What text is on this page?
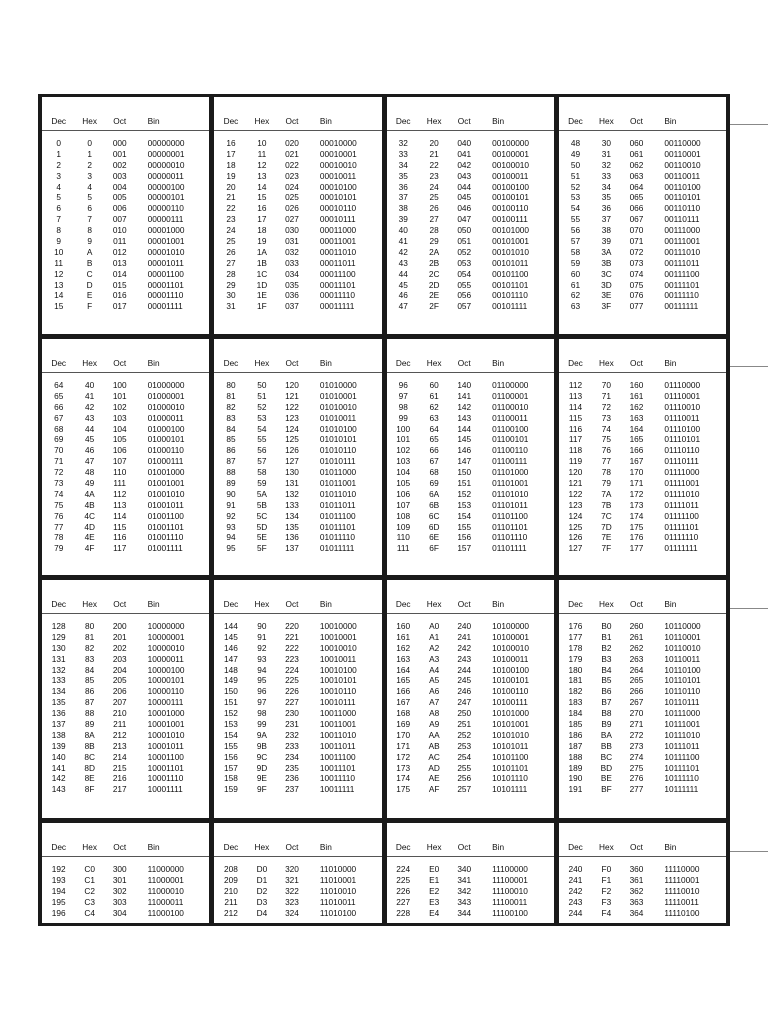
Dec	Hex	Oct	Bin
0	0	000	00000000
1	1	001	00000001
2	2	002	00000010
3	3	003	00000011
4	4	004	00000100
5	5	005	00000101
6	6	006	00000110
7	7	007	00000111
8	8	010	00001000
9	9	011	00001001
10	A	012	00001010
11	B	013	00001011
12	C	014	00001100
13	D	015	00001101
14	E	016	00001110
15	F	017	00001111
Dec	Hex	Oct	Bin
16	10	020	00010000
17	11	021	00010001
18	12	022	00010010
19	13	023	00010011
20	14	024	00010100
21	15	025	00010101
22	16	026	00010110
23	17	027	00010111
24	18	030	00011000
25	19	031	00011001
26	1A	032	00011010
27	1B	033	00011011
28	1C	034	00011100
29	1D	035	00011101
30	1E	036	00011110
31	1F	037	00011111
Dec	Hex	Oct	Bin
32	20	040	00100000
33	21	041	00100001
34	22	042	00100010
35	23	043	00100011
36	24	044	00100100
37	25	045	00100101
38	26	046	00100110
39	27	047	00100111
40	28	050	00101000
41	29	051	00101001
42	2A	052	00101010
43	2B	053	00101011
44	2C	054	00101100
45	2D	055	00101101
46	2E	056	00101110
47	2F	057	00101111
Dec	Hex	Oct	Bin
48	30	060	00110000
49	31	061	00110001
50	32	062	00110010
51	33	063	00110011
52	34	064	00110100
53	35	065	00110101
54	36	066	00110110
55	37	067	00110111
56	38	070	00111000
57	39	071	00111001
58	3A	072	00111010
59	3B	073	00111011
60	3C	074	00111100
61	3D	075	00111101
62	3E	076	00111110
63	3F	077	00111111
Dec	Hex	Oct	Bin
64	40	100	01000000
65	41	101	01000001
66	42	102	01000010
67	43	103	01000011
68	44	104	01000100
69	45	105	01000101
70	46	106	01000110
71	47	107	01000111
72	48	110	01001000
73	49	111	01001001
74	4A	112	01001010
75	4B	113	01001011
76	4C	114	01001100
77	4D	115	01001101
78	4E	116	01001110
79	4F	117	01001111
Dec	Hex	Oct	Bin
80	50	120	01010000
81	51	121	01010001
82	52	122	01010010
83	53	123	01010011
84	54	124	01010100
85	55	125	01010101
86	56	126	01010110
87	57	127	01010111
88	58	130	01011000
89	59	131	01011001
90	5A	132	01011010
91	5B	133	01011011
92	5C	134	01011100
93	5D	135	01011101
94	5E	136	01011110
95	5F	137	01011111
Dec	Hex	Oct	Bin
96	60	140	01100000
97	61	141	01100001
98	62	142	01100010
99	63	143	01100011
100	64	144	01100100
101	65	145	01100101
102	66	146	01100110
103	67	147	01100111
104	68	150	01101000
105	69	151	01101001
106	6A	152	01101010
107	6B	153	01101011
108	6C	154	01101100
109	6D	155	01101101
110	6E	156	01101110
111	6F	157	01101111
Dec	Hex	Oct	Bin
112	70	160	01110000
113	71	161	01110001
114	72	162	01110010
115	73	163	01110011
116	74	164	01110100
117	75	165	01110101
118	76	166	01110110
119	77	167	01110111
120	78	170	01111000
121	79	171	01111001
122	7A	172	01111010
123	7B	173	01111011
124	7C	174	01111100
125	7D	175	01111101
126	7E	176	01111110
127	7F	177	01111111
Dec	Hex	Oct	Bin
128	80	200	10000000
129	81	201	10000001
130	82	202	10000010
131	83	203	10000011
132	84	204	10000100
133	85	205	10000101
134	86	206	10000110
135	87	207	10000111
136	88	210	10001000
137	89	211	10001001
138	8A	212	10001010
139	8B	213	10001011
140	8C	214	10001100
141	8D	215	10001101
142	8E	216	10001110
143	8F	217	10001111
Dec	Hex	Oct	Bin
144	90	220	10010000
145	91	221	10010001
146	92	222	10010010
147	93	223	10010011
148	94	224	10010100
149	95	225	10010101
150	96	226	10010110
151	97	227	10010111
152	98	230	10011000
153	99	231	10011001
154	9A	232	10011010
155	9B	233	10011011
156	9C	234	10011100
157	9D	235	10011101
158	9E	236	10011110
159	9F	237	10011111
Dec	Hex	Oct	Bin
160	A0	240	10100000
161	A1	241	10100001
162	A2	242	10100010
163	A3	243	10100011
164	A4	244	10100100
165	A5	245	10100101
166	A6	246	10100110
167	A7	247	10100111
168	A8	250	10101000
169	A9	251	10101001
170	AA	252	10101010
171	AB	253	10101011
172	AC	254	10101100
173	AD	255	10101101
174	AE	256	10101110
175	AF	257	10101111
Dec	Hex	Oct	Bin
176	B0	260	10110000
177	B1	261	10110001
178	B2	262	10110010
179	B3	263	10110011
180	B4	264	10110100
181	B5	265	10110101
182	B6	266	10110110
183	B7	267	10110111
184	B8	270	10111000
185	B9	271	10111001
186	BA	272	10111010
187	BB	273	10111011
188	BC	274	10111100
189	BD	275	10111101
190	BE	276	10111110
191	BF	277	10111111
Dec	Hex	Oct	Bin
192	C0	300	11000000
193	C1	301	11000001
194	C2	302	11000010
195	C3	303	11000011
196	C4	304	11000100
Dec	Hex	Oct	Bin
208	D0	320	11010000
209	D1	321	11010001
210	D2	322	11010010
211	D3	323	11010011
212	D4	324	11010100
Dec	Hex	Oct	Bin
224	E0	340	11100000
225	E1	341	11100001
226	E2	342	11100010
227	E3	343	11100011
228	E4	344	11100100
Dec	Hex	Oct	Bin
240	F0	360	11110000
241	F1	361	11110001
242	F2	362	11110010
243	F3	363	11110011
244	F4	364	11110100
